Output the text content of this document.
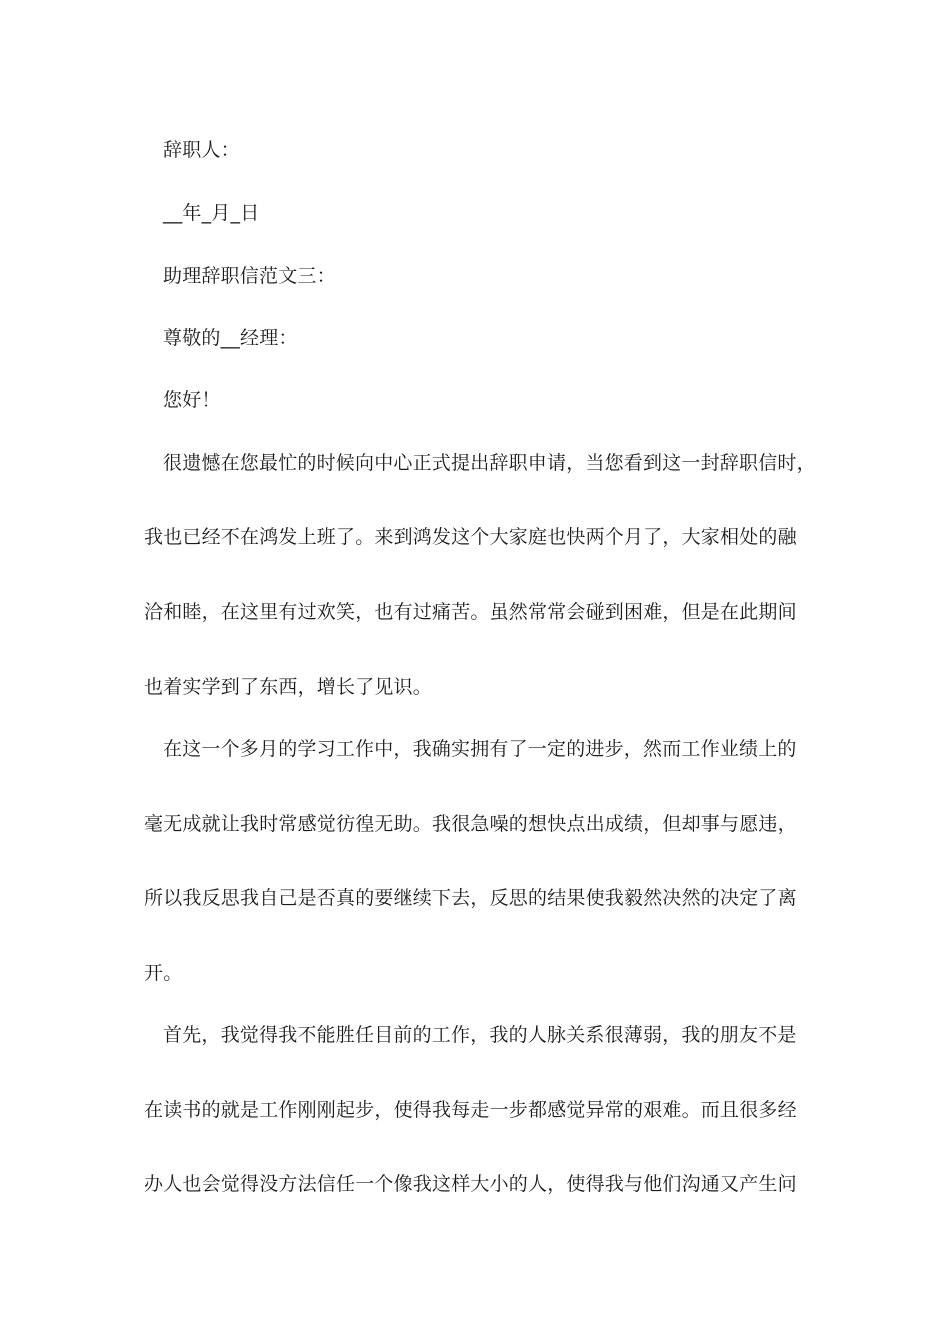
辞职人：
__年_月_日
助理辞职信范文三：
尊敬的__经理：
您好！
很遗憾在您最忙的时候向中心正式提出辞职申请，当您看到这一封辞职信时，
我也已经不在鸿发上班了。来到鸿发这个大家庭也快两个月了，大家相处的融
洽和睦，在这里有过欢笑，也有过痛苦。虽然常常会碰到困难，但是在此期间
也着实学到了东西，增长了见识。
在这一个多月的学习工作中，我确实拥有了一定的进步，然而工作业绩上的
毫无成就让我时常感觉彷徨无助。我很急噪的想快点出成绩，但却事与愿违，
所以我反思我自己是否真的要继续下去，反思的结果使我毅然决然的决定了离
开。
首先，我觉得我不能胜任目前的工作，我的人脉关系很薄弱，我的朋友不是
在读书的就是工作刚刚起步，使得我每走一步都感觉异常的艰难。而且很多经
办人也会觉得没方法信任一个像我这样大小的人，使得我与他们沟通又产生问
